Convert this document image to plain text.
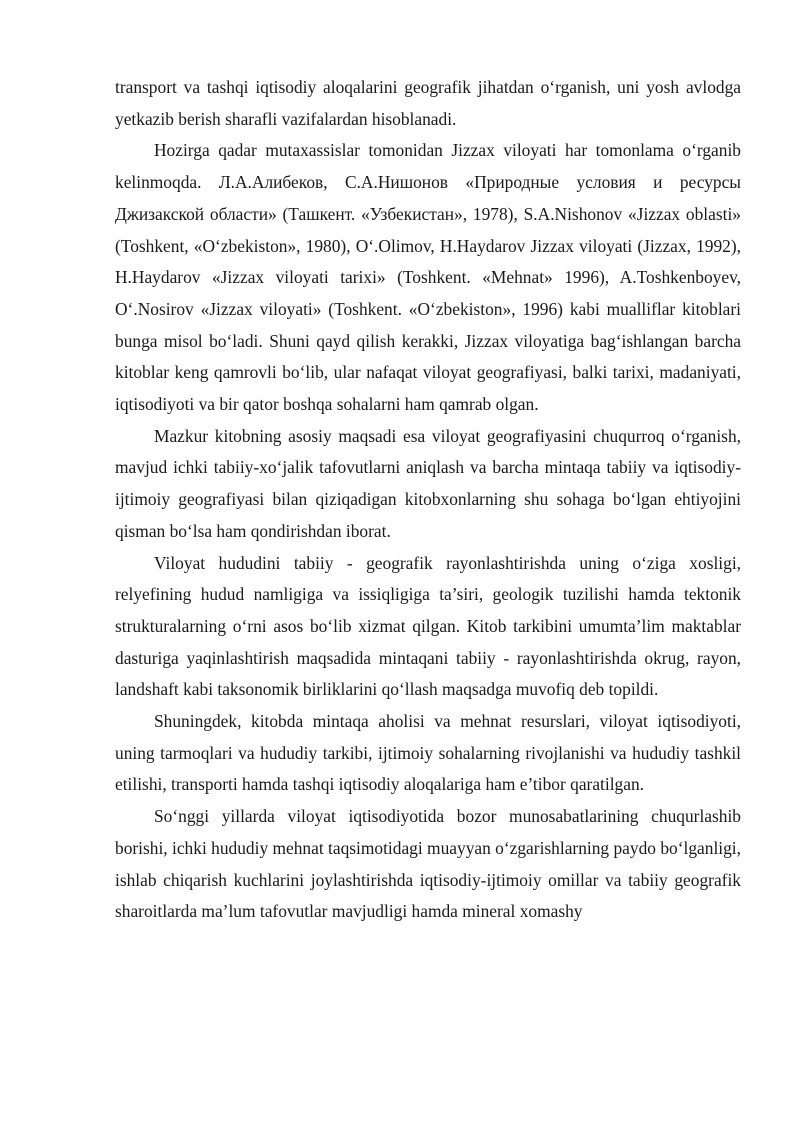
transport va tashqi iqtisodiy aloqalarini geografik jihatdan o‘rganish, uni yosh avlodga yetkazib berish sharafli vazifalardan hisoblanadi.

Hozirga qadar mutaxassislar tomonidan Jizzax viloyati har tomonlama o‘rganib kelinmoqda. Л.А.Алибеков, С.А.Нишонов «Природные условия и ресурсы Джизакской области» (Ташкент. «Узбекистан», 1978), S.A.Nishonov «Jizzax oblasti» (Toshkent, «O‘zbekiston», 1980), O‘.Olimov, H.Haydarov Jizzax viloyati (Jizzax, 1992), H.Haydarov «Jizzax viloyati tarixi» (Toshkent. «Mehnat» 1996), A.Toshkenboyev, O‘.Nosirov «Jizzax viloyati» (Toshkent. «O‘zbekiston», 1996) kabi mualliflar kitoblari bunga misol bo‘ladi. Shuni qayd qilish kerakki, Jizzax viloyatiga bag‘ishlangan barcha kitoblar keng qamrovli bo‘lib, ular nafaqat viloyat geografiyasi, balki tarixi, madaniyati, iqtisodiyoti va bir qator boshqa sohalarni ham qamrab olgan.

Mazkur kitobning asosiy maqsadi esa viloyat geografiyasini chuqurroq o‘rganish, mavjud ichki tabiiy-xo‘jalik tafovutlarni aniqlash va barcha mintaqa tabiiy va iqtisodiy-ijtimoiy geografiyasi bilan qiziqadigan kitobxonlarning shu sohaga bo‘lgan ehtiyojini qisman bo‘lsa ham qondirishdan iborat.

Viloyat hududini tabiiy - geografik rayonlashtirishda uning o‘ziga xosligi, relyefining hudud namligiga va issiqligiga ta’siri, geologik tuzilishi hamda tektonik strukturalarning o‘rni asos bo‘lib xizmat qilgan. Kitob tarkibini umumta’lim maktablar dasturiga yaqinlashtirish maqsadida mintaqani tabiiy - rayonlashtirishda okrug, rayon, landshaft kabi taksonomik birliklarini qo‘llash maqsadga muvofiq deb topildi.

Shuningdek, kitobda mintaqa aholisi va mehnat resurslari, viloyat iqtisodiyoti, uning tarmoqlari va hududiy tarkibi, ijtimoiy sohalarning rivojlanishi va hududiy tashkil etilishi, transporti hamda tashqi iqtisodiy aloqalariga ham e’tibor qaratilgan.

So‘nggi yillarda viloyat iqtisodiyotida bozor munosabatlarining chuqurlashib borishi, ichki hududiy mehnat taqsimotidagi muayyan o‘zgarishlarning paydo bo‘lganligi, ishlab chiqarish kuchlarini joylashtirishda iqtisodiy-ijtimoiy omillar va tabiiy geografik sharoitlarda ma’lum tafovutlar mavjudligi hamda mineral xomashy
